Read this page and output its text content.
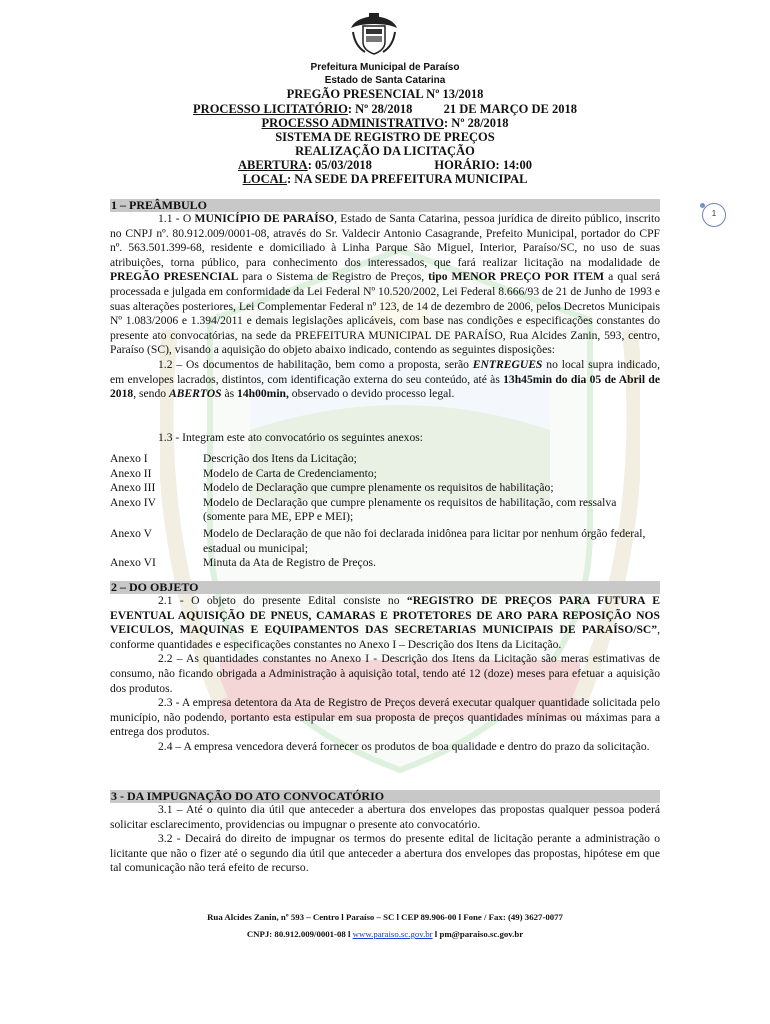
Prefeitura Municipal de Paraíso
Estado de Santa Catarina
PREGÃO PRESENCIAL Nº 13/2018
PROCESSO LICITATÓRIO: Nº 28/2018          21 DE MARÇO DE 2018
PROCESSO ADMINISTRATIVO: Nº 28/2018
SISTEMA DE REGISTRO DE PREÇOS
REALIZAÇÃO DA LICITAÇÃO
ABERTURA: 05/03/2018                    HORÁRIO: 14:00
LOCAL: NA SEDE DA PREFEITURA MUNICIPAL
1
1 – PREÂMBULO

1.1 - O MUNICÍPIO DE PARAÍSO, Estado de Santa Catarina, pessoa jurídica de direito público, inscrito no CNPJ nº. 80.912.009/0001-08, através do Sr. Valdecir Antonio Casagrande, Prefeito Municipal, portador do CPF nº. 563.501.399-68, residente e domiciliado à Linha Parque São Miguel, Interior, Paraíso/SC, no uso de suas atribuições, torna público, para conhecimento dos interessados, que fará realizar licitação na modalidade de PREGÃO PRESENCIAL para o Sistema de Registro de Preços, tipo MENOR PREÇO POR ITEM a qual será processada e julgada em conformidade da Lei Federal Nº 10.520/2002, Lei Federal 8.666/93 de 21 de Junho de 1993 e suas alterações posteriores, Lei Complementar Federal nº 123, de 14 de dezembro de 2006, pelos Decretos Municipais Nº 1.083/2006 e 1.394/2011 e demais legislações aplicáveis, com base nas condições e especificações constantes do presente ato convocatórias, na sede da PREFEITURA MUNICIPAL DE PARAÍSO, Rua Alcides Zanin, 593, centro, Paraíso (SC), visando a aquisição do objeto abaixo indicado, contendo as seguintes disposições:

1.2 – Os documentos de habilitação, bem como a proposta, serão ENTREGUES no local supra indicado, em envelopes lacrados, distintos, com identificação externa do seu conteúdo, até às 13h45min do dia 05 de Abril de 2018, sendo ABERTOS às 14h00min, observado o devido processo legal.

1.3 - Integram este ato convocatório os seguintes anexos:

Anexo I	Descrição dos Itens da Licitação;
Anexo II	Modelo de Carta de Credenciamento;
Anexo III	Modelo de Declaração que cumpre plenamente os requisitos de habilitação;
Anexo IV	Modelo de Declaração que cumpre plenamente os requisitos de habilitação, com ressalva (somente para ME, EPP e MEI);
Anexo V	Modelo de Declaração de que não foi declarada inidônea para licitar por nenhum órgão federal, estadual ou municipal;
Anexo VI	Minuta da Ata de Registro de Preços.
2 – DO OBJETO

2.1 - O objeto do presente Edital consiste no “REGISTRO DE PREÇOS PARA FUTURA E EVENTUAL AQUISIÇÃO DE PNEUS, CAMARAS E PROTETORES DE ARO PARA REPOSIÇÃO NOS VEICULOS, MAQUINAS E EQUIPAMENTOS DAS SECRETARIAS MUNICIPAIS DE PARAÍSO/SC”, conforme quantidades e especificações constantes no Anexo I – Descrição dos Itens da Licitação.

2.2 – As quantidades constantes no Anexo I - Descrição dos Itens da Licitação são meras estimativas de consumo, não ficando obrigada a Administração à aquisição total, tendo até 12 (doze) meses para efetuar a aquisição dos produtos.

2.3 - A empresa detentora da Ata de Registro de Preços deverá executar qualquer quantidade solicitada pelo município, não podendo, portanto esta estipular em sua proposta de preços quantidades mínimas ou máximas para a entrega dos produtos.

2.4 – A empresa vencedora deverá fornecer os produtos de boa qualidade e dentro do prazo da solicitação.

3 - DA IMPUGNAÇÃO DO ATO CONVOCATÓRIO

3.1 – Até o quinto dia útil que anteceder a abertura dos envelopes das propostas qualquer pessoa poderá solicitar esclarecimento, providencias ou impugnar o presente ato convocatório.

3.2 - Decairá do direito de impugnar os termos do presente edital de licitação perante a administração o licitante que não o fizer até o segundo dia útil que anteceder a abertura dos envelopes das propostas, hipótese em que tal comunicação não terá efeito de recurso.

Rua Alcides Zanin, nº 593 – Centro l Paraíso – SC l CEP 89.906-00 l Fone / Fax: (49) 3627-0077
CNPJ: 80.912.009/0001-08 l www.paraiso.sc.gov.br l pm@paraiso.sc.gov.br
